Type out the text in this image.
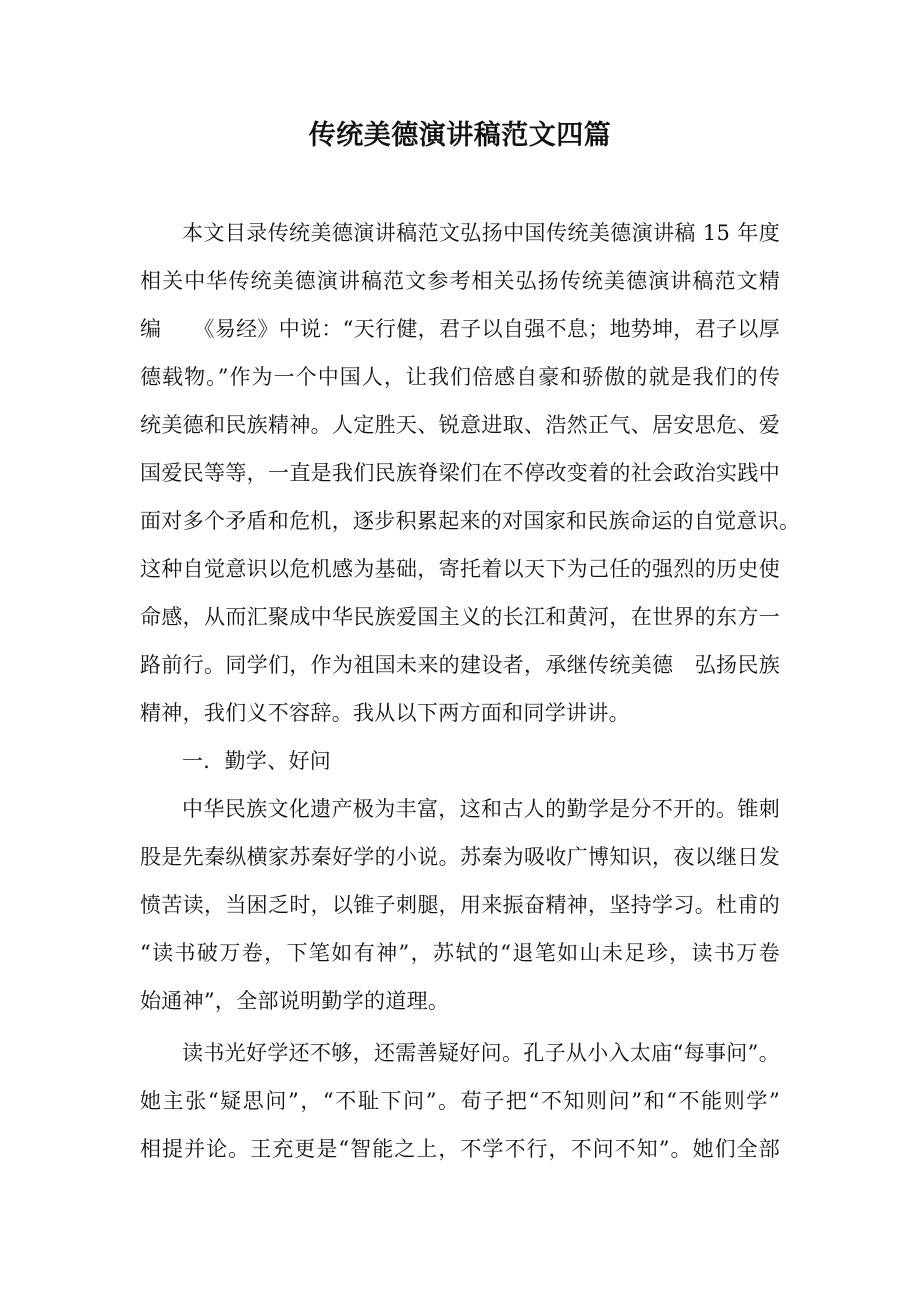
传统美德演讲稿范文四篇
本文目录传统美德演讲稿范文弘扬中国传统美德演讲稿 15 年度
相关中华传统美德演讲稿范文参考相关弘扬传统美德演讲稿范文精
编　　《易经》中说：“天行健，君子以自强不息；地势坤，君子以厚
德载物。”作为一个中国人，让我们倍感自豪和骄傲的就是我们的传
统美德和民族精神。人定胜天、锐意进取、浩然正气、居安思危、爱
国爱民等等，一直是我们民族脊梁们在不停改变着的社会政治实践中
面对多个矛盾和危机，逐步积累起来的对国家和民族命运的自觉意识。
这种自觉意识以危机感为基础，寄托着以天下为己任的强烈的历史使
命感，从而汇聚成中华民族爱国主义的长江和黄河，在世界的东方一
路前行。同学们，作为祖国未来的建设者，承继传统美德　弘扬民族
精神，我们义不容辞。我从以下两方面和同学讲讲。
一．勤学、好问
中华民族文化遗产极为丰富，这和古人的勤学是分不开的。锥刺
股是先秦纵横家苏秦好学的小说。苏秦为吸收广博知识，夜以继日发
愤苦读，当困乏时，以锥子刺腿，用来振奋精神，坚持学习。杜甫的
“读书破万卷，下笔如有神”，苏轼的“退笔如山未足珍，读书万卷
始通神”，全部说明勤学的道理。
读书光好学还不够，还需善疑好问。孔子从小入太庙“每事问”。
她主张“疑思问”，“不耻下问”。荀子把“不知则问”和“不能则学”
相提并论。王充更是“智能之上，不学不行，不问不知”。她们全部
